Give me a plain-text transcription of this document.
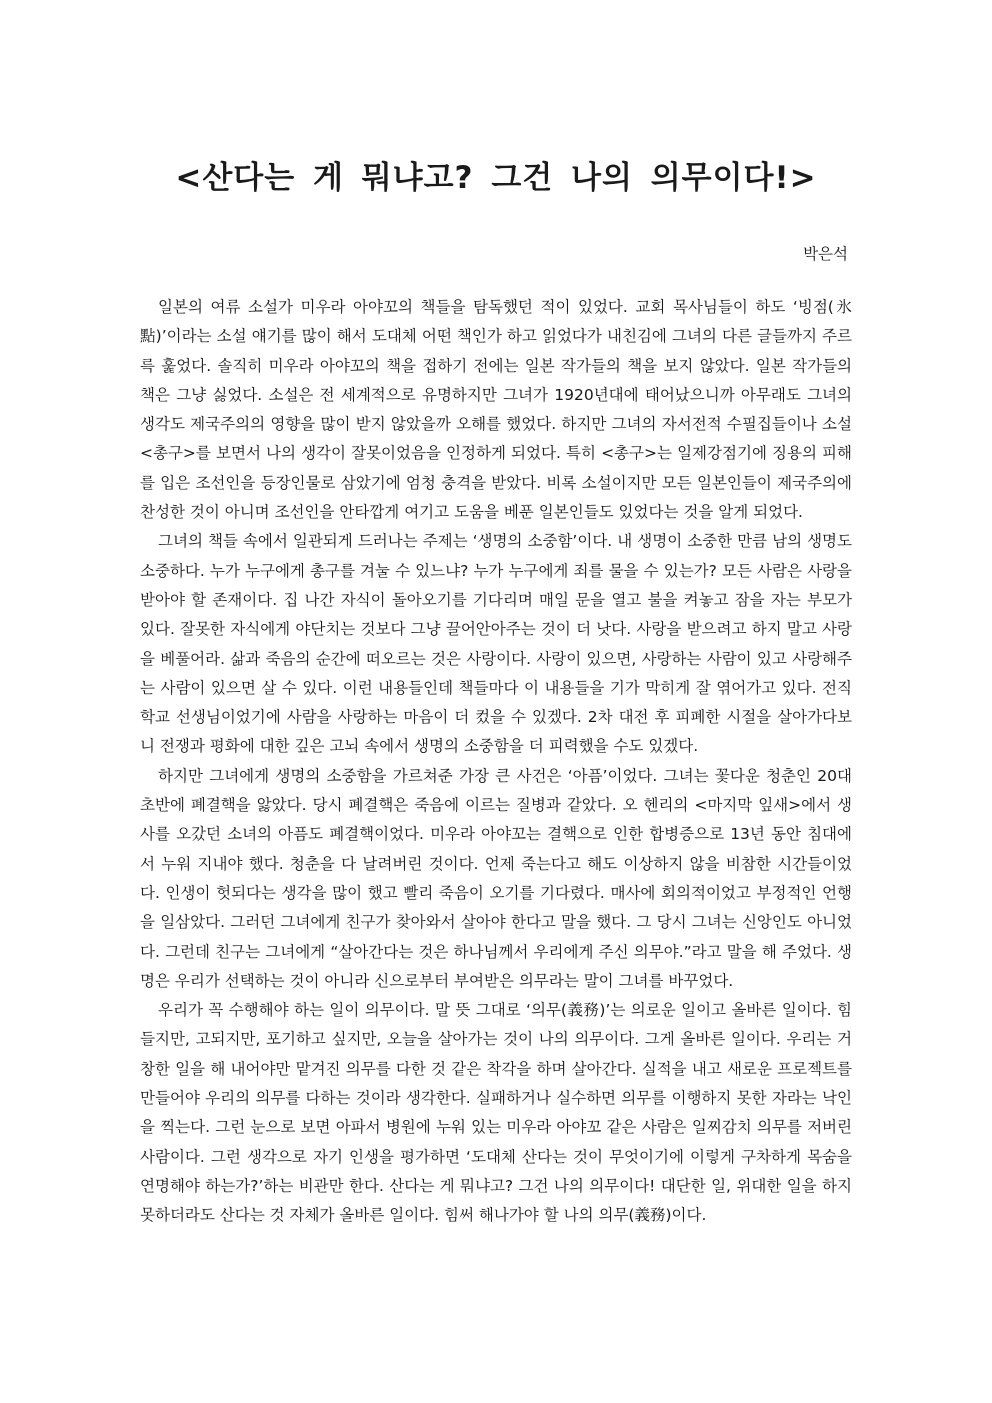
<산다는 게 뭐냐고? 그건 나의 의무이다!>
박은석

일본의 여류 소설가 미우라 아야꼬의 책들을 탐독했던 적이 있었다. 교회 목사님들이 하도 ‘빙점(氷點)’이라는 소설 얘기를 많이 해서 도대체 어떤 책인가 하고 읽었다가 내친김에 그녀의 다른 글들까지 주르륵 훑었다. 솔직히 미우라 아야꼬의 책을 접하기 전에는 일본 작가들의 책을 보지 않았다. 일본 작가들의 책은 그냥 싫었다. 소설은 전 세계적으로 유명하지만 그녀가 1920년대에 태어났으니까 아무래도 그녀의 생각도 제국주의의 영향을 많이 받지 않았을까 오해를 했었다. 하지만 그녀의 자서전적 수필집들이나 소설 <총구>를 보면서 나의 생각이 잘못이었음을 인정하게 되었다. 특히 <총구>는 일제강점기에 징용의 피해를 입은 조선인을 등장인물로 삼았기에 엄청 충격을 받았다. 비록 소설이지만 모든 일본인들이 제국주의에 찬성한 것이 아니며 조선인을 안타깝게 여기고 도움을 베푼 일본인들도 있었다는 것을 알게 되었다.

그녀의 책들 속에서 일관되게 드러나는 주제는 ‘생명의 소중함’이다. 내 생명이 소중한 만큼 남의 생명도 소중하다. 누가 누구에게 총구를 겨눌 수 있느냐? 누가 누구에게 죄를 물을 수 있는가? 모든 사람은 사랑을 받아야 할 존재이다. 집 나간 자식이 돌아오기를 기다리며 매일 문을 열고 불을 켜놓고 잠을 자는 부모가 있다. 잘못한 자식에게 야단치는 것보다 그냥 끌어안아주는 것이 더 낫다. 사랑을 받으려고 하지 말고 사랑을 베풀어라. 삶과 죽음의 순간에 떠오르는 것은 사랑이다. 사랑이 있으면, 사랑하는 사람이 있고 사랑해주는 사람이 있으면 살 수 있다. 이런 내용들인데 책들마다 이 내용들을 기가 막히게 잘 엮어가고 있다. 전직 학교 선생님이었기에 사람을 사랑하는 마음이 더 컸을 수 있겠다. 2차 대전 후 피폐한 시절을 살아가다보니 전쟁과 평화에 대한 깊은 고뇌 속에서 생명의 소중함을 더 피력했을 수도 있겠다.

하지만 그녀에게 생명의 소중함을 가르쳐준 가장 큰 사건은 ‘아픔’이었다. 그녀는 꽃다운 청춘인 20대 초반에 폐결핵을 앓았다. 당시 폐결핵은 죽음에 이르는 질병과 같았다. 오 헨리의 <마지막 잎새>에서 생사를 오갔던 소녀의 아픔도 폐결핵이었다. 미우라 아야꼬는 결핵으로 인한 합병증으로 13년 동안 침대에서 누워 지내야 했다. 청춘을 다 날려버린 것이다. 언제 죽는다고 해도 이상하지 않을 비참한 시간들이었다. 인생이 헛되다는 생각을 많이 했고 빨리 죽음이 오기를 기다렸다. 매사에 회의적이었고 부정적인 언행을 일삼았다. 그러던 그녀에게 친구가 찾아와서 살아야 한다고 말을 했다. 그 당시 그녀는 신앙인도 아니었다. 그런데 친구는 그녀에게 “살아간다는 것은 하나님께서 우리에게 주신 의무야.”라고 말을 해 주었다. 생명은 우리가 선택하는 것이 아니라 신으로부터 부여받은 의무라는 말이 그녀를 바꾸었다.

우리가 꼭 수행해야 하는 일이 의무이다. 말 뜻 그대로 ‘의무(義務)’는 의로운 일이고 올바른 일이다. 힘들지만, 고되지만, 포기하고 싶지만, 오늘을 살아가는 것이 나의 의무이다. 그게 올바른 일이다. 우리는 거창한 일을 해 내어야만 맡겨진 의무를 다한 것 같은 착각을 하며 살아간다. 실적을 내고 새로운 프로젝트를 만들어야 우리의 의무를 다하는 것이라 생각한다. 실패하거나 실수하면 의무를 이행하지 못한 자라는 낙인을 찍는다. 그런 눈으로 보면 아파서 병원에 누워 있는 미우라 아야꼬 같은 사람은 일찌감치 의무를 저버린 사람이다. 그런 생각으로 자기 인생을 평가하면 ‘도대체 산다는 것이 무엇이기에 이렇게 구차하게 목숨을 연명해야 하는가?’하는 비관만 한다. 산다는 게 뭐냐고? 그건 나의 의무이다! 대단한 일, 위대한 일을 하지 못하더라도 산다는 것 자체가 올바른 일이다. 힘써 해나가야 할 나의 의무(義務)이다.
